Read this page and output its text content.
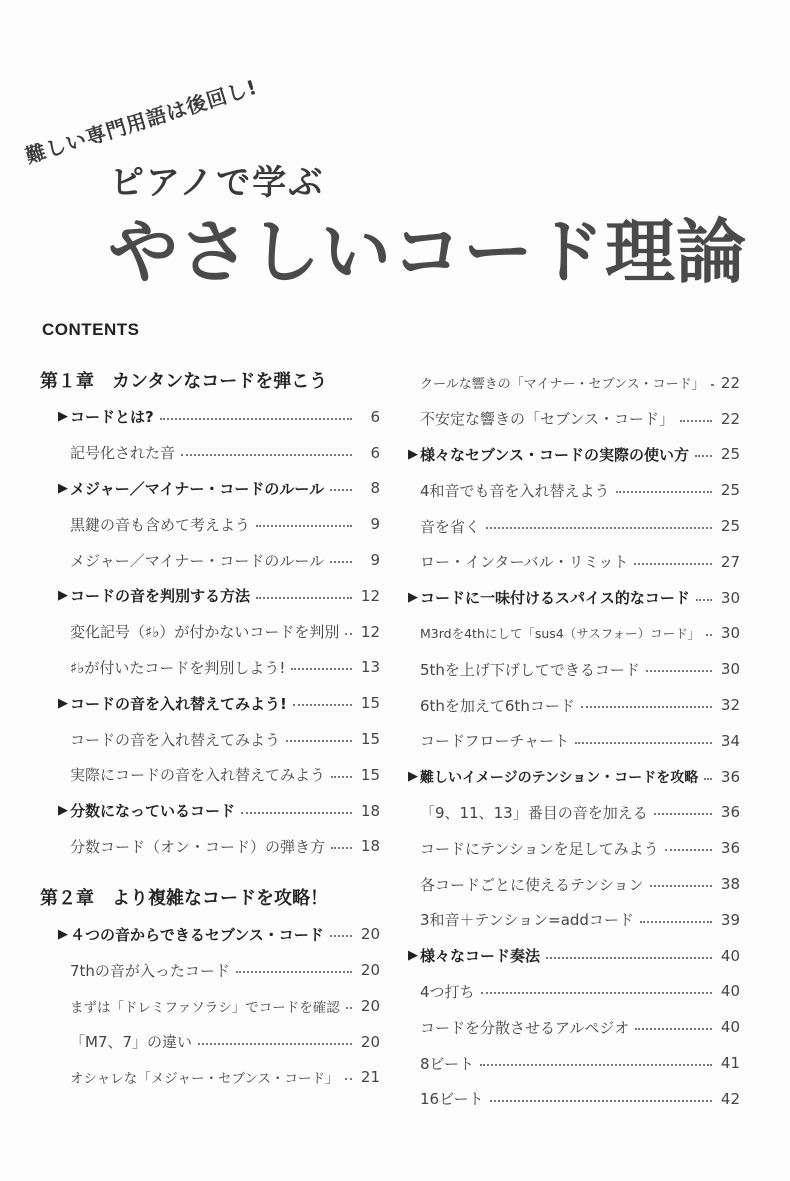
難しい専門用語は後回し!
ピアノで学ぶ
やさしいコード理論
CONTENTS
第１章 カンタンなコードを弾こう
▶ コードとは?	6
記号化された音	6
▶ メジャー／マイナー・コードのルール	8
黒鍵の音も含めて考えよう	9
メジャー／マイナー・コードのルール	9
▶ コードの音を判別する方法	12
変化記号（♯♭）が付かないコードを判別 12
♯♭が付いたコードを判別しよう!	13
▶ コードの音を入れ替えてみよう!	15
コードの音を入れ替えてみよう	15
実際にコードの音を入れ替えてみよう 15
▶ 分数になっているコード	18
分数コード（オン・コード）の弾き方 18
第２章 より複雑なコードを攻略！
▶ ４つの音からできるセブンス・コード 20
7thの音が入ったコード	20
まずは「ドレミファソラシ」でコードを確認 20
「M7、7」の違い	20
オシャレな「メジャー・セブンス・コード」 21
クールな響きの「マイナー・セブンス・コード」 22
不安定な響きの「セブンス・コード」	22
▶ 様々なセブンス・コードの実際の使い方 25
4和音でも音を入れ替えよう	25
音を省く	25
ロー・インターバル・リミット	27
▶ コードに一味付けるスパイス的なコード 30
M3rdを4thにして「sus4（サスフォー）コード」 30
5thを上げ下げしてできるコード	30
6thを加えて6thコード	32
コードフローチャート	34
▶ 難しいイメージのテンション・コードを攻略 36
「9、11、13」番目の音を加える	36
コードにテンションを足してみよう	36
各コードごとに使えるテンション	38
3和音＋テンション=addコード	39
▶ 様々なコード奏法	40
4つ打ち	40
コードを分散させるアルペジオ	40
8ビート	41
16ビート	42
